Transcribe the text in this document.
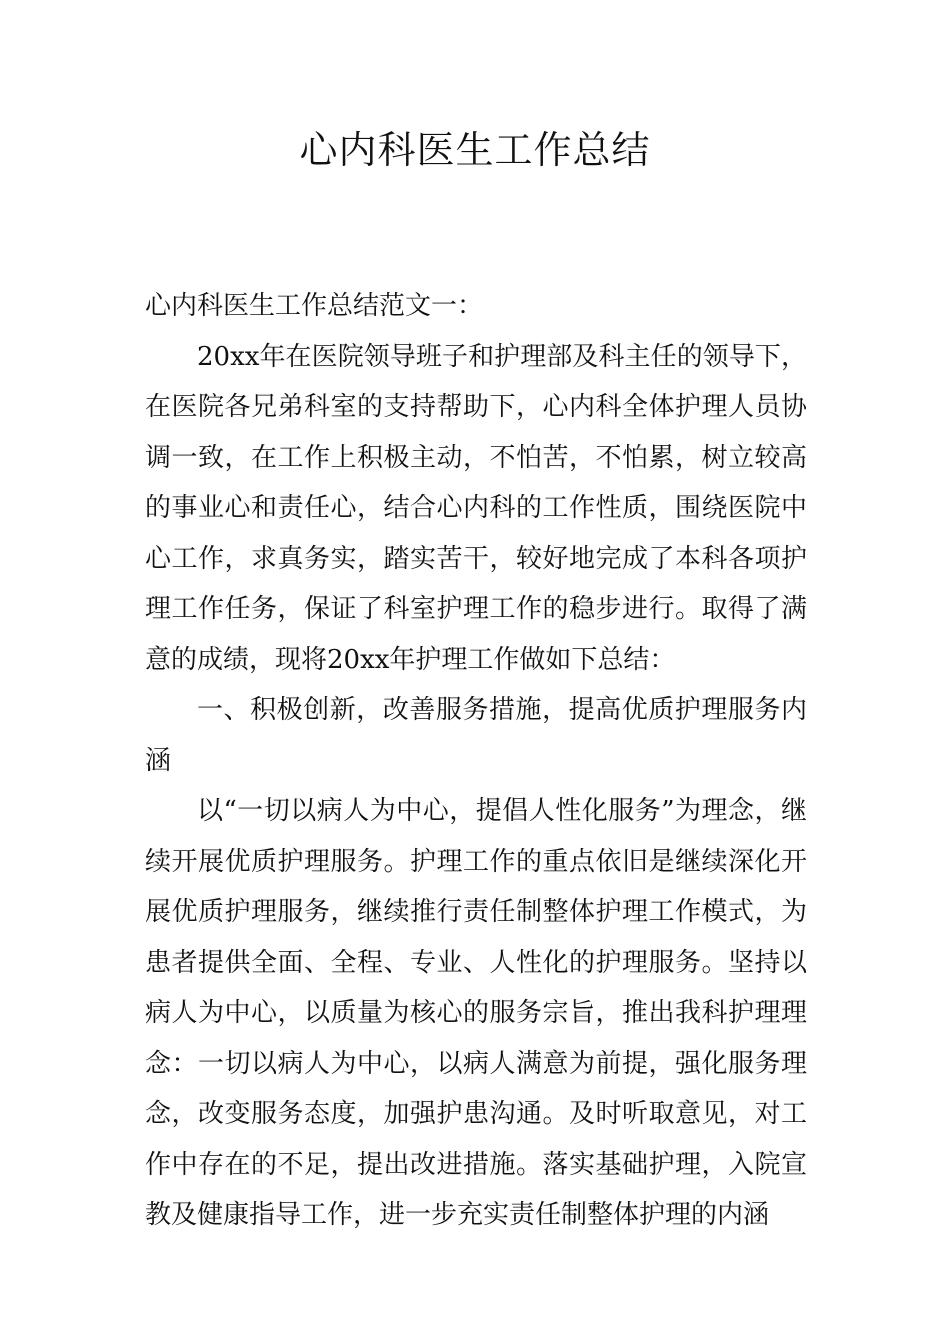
心内科医生工作总结

心内科医生工作总结范文一：

20xx年在医院领导班子和护理部及科主任的领导下，在医院各兄弟科室的支持帮助下，心内科全体护理人员协调一致，在工作上积极主动，不怕苦，不怕累，树立较高的事业心和责任心，结合心内科的工作性质，围绕医院中心工作，求真务实，踏实苦干，较好地完成了本科各项护理工作任务，保证了科室护理工作的稳步进行。取得了满意的成绩，现将20xx年护理工作做如下总结：

一、积极创新，改善服务措施，提高优质护理服务内涵

以“一切以病人为中心，提倡人性化服务”为理念，继续开展优质护理服务。护理工作的重点依旧是继续深化开展优质护理服务，继续推行责任制整体护理工作模式，为患者提供全面、全程、专业、人性化的护理服务。坚持以病人为中心，以质量为核心的服务宗旨，推出我科护理理念：一切以病人为中心，以病人满意为前提，强化服务理念，改变服务态度，加强护患沟通。及时听取意见，对工作中存在的不足，提出改进措施。落实基础护理，入院宣教及健康指导工作，进一步充实责任制整体护理的内涵
